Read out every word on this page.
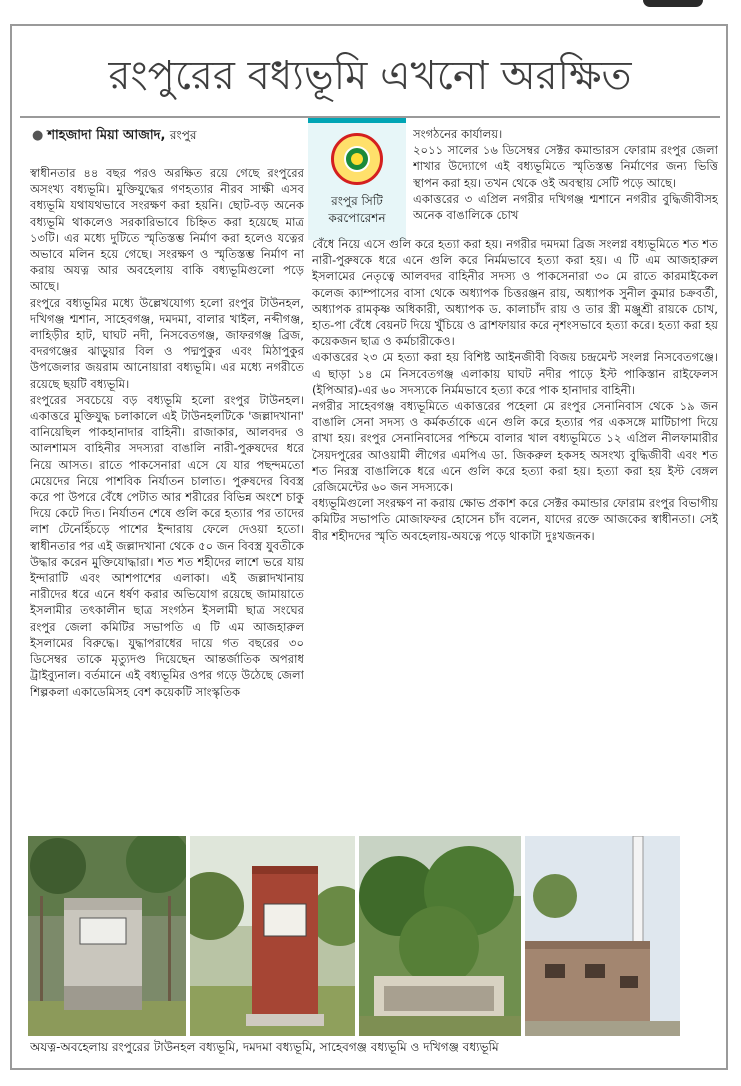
রংপুরের বধ্যভূমি এখনো অরক্ষিত
● শাহজাদা মিয়া আজাদ, রংপুর

স্বাধীনতার ৪৪ বছর পরও অরক্ষিত রয়ে গেছে রংপুরের অসংখ্য বধ্যভূমি। মুক্তিযুদ্ধের গণহত্যার নীরব সাক্ষী এসব বধ্যভূমি যথাযথভাবে সংরক্ষণ করা হয়নি। ছোট-বড় অনেক বধ্যভূমি থাকলেও সরকারিভাবে চিহ্নিত করা হয়েছে মাত্র ১৩টি। এর মধ্যে দুটিতে স্মৃতিস্তম্ভ নির্মাণ করা হলেও যত্নের অভাবে মলিন হয়ে গেছে। সংরক্ষণ ও স্মৃতিস্তম্ভ নির্মাণ না করায় অযত্ন আর অবহেলায় বাকি বধ্যভূমিগুলো পড়ে আছে।

রংপুরে বধ্যভূমির মধ্যে উল্লেখযোগ্য হলো রংপুর টাউনহল, দখিগঞ্জ শ্মশান, সাহেবগঞ্জ, দমদমা, বালার খাইল, নব্দীগঞ্জ, লাহিড়ীর হাট, ঘাঘট নদী, নিসবেতগঞ্জ, জাফরগঞ্জ ব্রিজ, বদরগঞ্জের ঝাড়ুয়ার বিল ও পদ্মপুকুর এবং মিঠাপুকুর উপজেলার জয়রাম আনোয়ারা বধ্যভূমি। এর মধ্যে নগরীতে রয়েছে ছয়টি বধ্যভূমি।

রংপুরের সবচেয়ে বড় বধ্যভূমি হলো রংপুর টাউনহল। একাত্তরে মুক্তিযুদ্ধ চলাকালে এই টাউনহলটিকে 'জল্লাদখানা' বানিয়েছিল পাকহানাদার বাহিনী। রাজাকার, আলবদর ও আলশামস বাহিনীর সদস্যরা বাঙালি নারী-পুরুষদের ধরে নিয়ে আসত। রাতে পাকসেনারা এসে যে যার পছন্দমতো মেয়েদের নিয়ে পাশবিক নির্যাতন চালাত। পুরুষদের বিবস্ত্র করে পা উপরে বেঁধে পেটাত আর শরীরের বিভিন্ন অংশে চাকু দিয়ে কেটে দিত। নির্যাতন শেষে গুলি করে হত্যার পর তাদের লাশ টেনেহিঁচড়ে পাশের ইন্দারায় ফেলে দেওয়া হতো। স্বাধীনতার পর এই জল্লাদখানা থেকে ৫০ জন বিবস্ত্র যুবতীকে উদ্ধার করেন মুক্তিযোদ্ধারা। শত শত শহীদের লাশে ভরে যায় ইন্দারাটি এবং আশপাশের এলাকা। এই জল্লাদখানায় নারীদের ধরে এনে ধর্ষণ করার অভিযোগ রয়েছে জামায়াতে ইসলামীর তৎকালীন ছাত্র সংগঠন ইসলামী ছাত্র সংঘের রংপুর জেলা কমিটির সভাপতি এ টি এম আজহারুল ইসলামের বিরুদ্ধে। যুদ্ধাপরাধের দায়ে গত বছরের ৩০ ডিসেম্বর তাকে মৃত্যুদণ্ড দিয়েছেন আন্তর্জাতিক অপরাধ ট্রাইব্যুনাল। বর্তমানে এই বধ্যভূমির ওপর গড়ে উঠেছে জেলা শিল্পকলা একাডেমিসহ বেশ কয়েকটি সাংস্কৃতিক

রংপুর সিটি
করপোরেশন

সংগঠনের কার্যালয়।

২০১১ সালের ১৬ ডিসেম্বর সেক্টর কমান্ডারস ফোরাম রংপুর জেলা শাখার উদ্যোগে এই বধ্যভূমিতে স্মৃতিস্তম্ভ নির্মাণের জন্য ভিত্তি স্থাপন করা হয়। তখন থেকে ওই অবস্থায় সেটি পড়ে আছে।

একাত্তরের ৩ এপ্রিল নগরীর দখিগঞ্জ শ্মশানে নগরীর বুদ্ধিজীবীসহ অনেক বাঙালিকে চোখ

বেঁধে নিয়ে এসে গুলি করে হত্যা করা হয়। নগরীর দমদমা ব্রিজ সংলগ্ন বধ্যভূমিতে শত শত নারী-পুরুষকে ধরে এনে গুলি করে নির্মমভাবে হত্যা করা হয়। এ টি এম আজহারুল ইসলামের নেতৃত্বে আলবদর বাহিনীর সদস্য ও পাকসেনারা ৩০ মে রাতে কারমাইকেল কলেজ ক্যাম্পাসের বাসা থেকে অধ্যাপক চিত্তরঞ্জন রায়, অধ্যাপক সুনীল কুমার চক্রবর্তী, অধ্যাপক রামকৃষ্ণ অধিকারী, অধ্যাপক ড. কালাচাঁদ রায় ও তার স্ত্রী মঞ্জুশ্রী রায়কে চোখ, হাত-পা বেঁধে বেয়নট দিয়ে খুঁচিয়ে ও ব্রাশফায়ার করে নৃশংসভাবে হত্যা করে। হত্যা করা হয় কয়েকজন ছাত্র ও কর্মচারীকেও।

একাত্তরের ২৩ মে হত্যা করা হয় বিশিষ্ট আইনজীবী বিজয় চন্দ্রমেন্ট সংলগ্ন নিসবেতগঞ্জে। এ ছাড়া ১৪ মে নিসবেতগঞ্জ এলাকায় ঘাঘট নদীর পাড়ে ইস্ট পাকিস্তান রাইফেলস (ইপিআর)-এর ৬০ সদস্যকে নির্মমভাবে হত্যা করে পাক হানাদার বাহিনী।

নগরীর সাহেবগঞ্জ বধ্যভূমিতে একাত্তরের পহেলা মে রংপুর সেনানিবাস থেকে ১৯ জন বাঙালি সেনা সদস্য ও কর্মকর্তাকে এনে গুলি করে হত্যার পর একসঙ্গে মাটিচাপা দিয়ে রাখা হয়। রংপুর সেনানিবাসের পশ্চিমে বালার খাল বধ্যভূমিতে ১২ এপ্রিল নীলফামারীর সৈয়দপুরের আওয়ামী লীগের এমপিএ ডা. জিকরুল হকসহ অসংখ্য বুদ্ধিজীবী এবং শত শত নিরস্ত্র বাঙালিকে ধরে এনে গুলি করে হত্যা করা হয়। হত্যা করা হয় ইস্ট বেঙ্গল রেজিমেন্টের ৬০ জন সদস্যকে।

বধ্যভূমিগুলো সংরক্ষণ না করায় ক্ষোভ প্রকাশ করে সেক্টর কমান্ডার ফোরাম রংপুর বিভাগীয় কমিটির সভাপতি মোজাফফর হোসেন চাঁদ বলেন, যাদের রক্তে আজকের স্বাধীনতা। সেই বীর শহীদদের স্মৃতি অবহেলায়-অযত্নে পড়ে থাকাটা দুঃখজনক।

অযত্ন-অবহেলায় রংপুরের টাউনহল বধ্যভূমি, দমদমা বধ্যভূমি, সাহেবগঞ্জ বধ্যভূমি ও দখিগঞ্জ বধ্যভূমি
